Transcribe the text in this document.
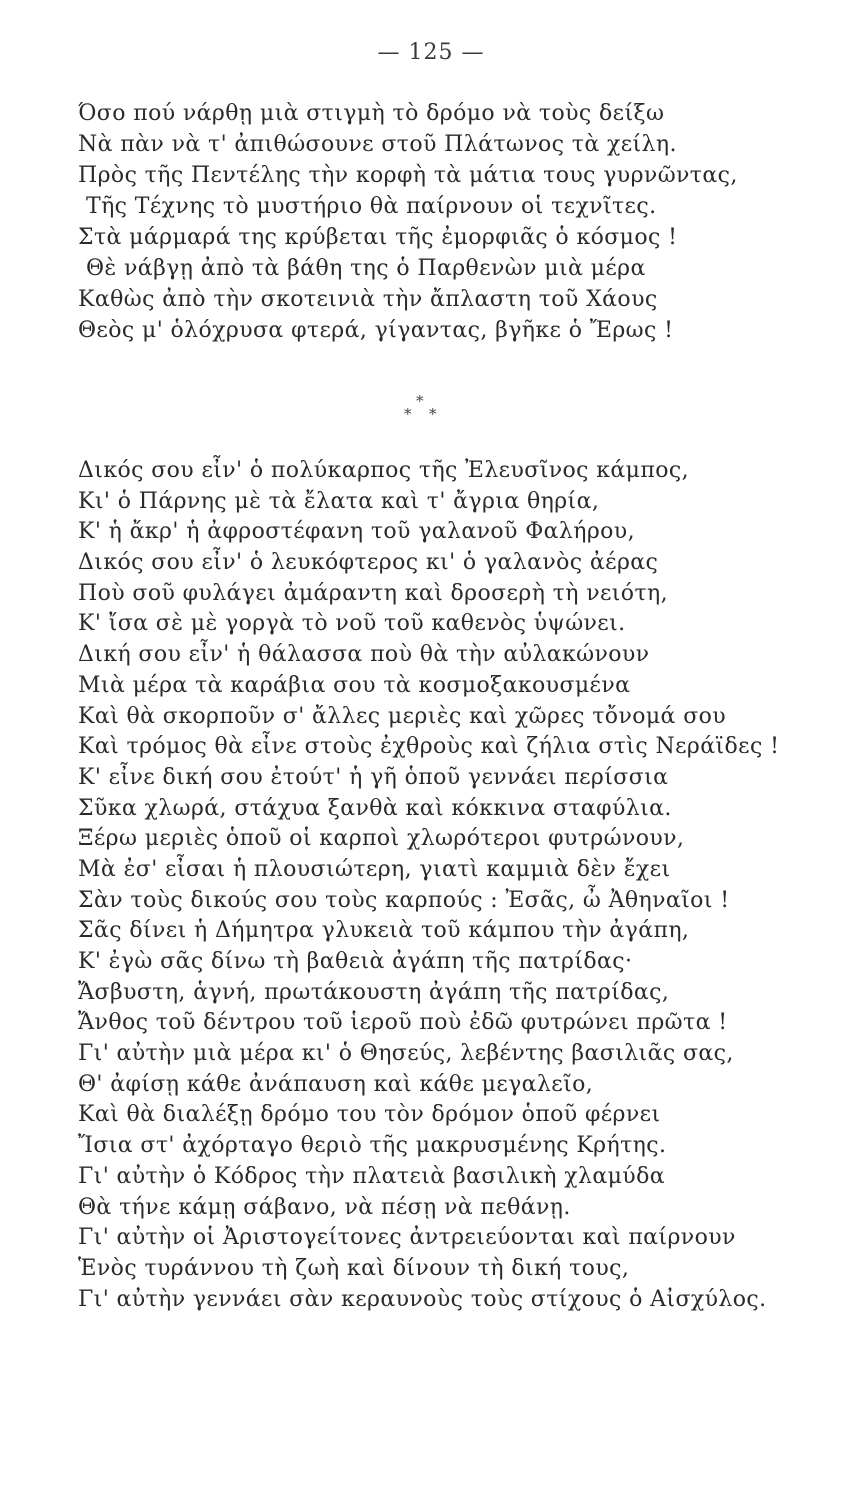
— 125 —
Όσο πού νάρθῃ μιὰ στιγμὴ τὸ δρόμο νὰ τοὺς δείξω
Νὰ πὰν νὰ τ' ἀπιθώσουνε στοῦ Πλάτωνος τὰ χείλη.
Πρὸς τῆς Πεντέλης τὴν κορφὴ τὰ μάτια τους γυρνῶντας,
Τῆς Τέχνης τὸ μυστήριο θὰ παίρνουν οἱ τεχνῖτες.
Στὰ μάρμαρά της κρύβεται τῆς ἐμορφιᾶς ὁ κόσμος !
Θὲ νάβγῃ ἀπὸ τὰ βάθη της ὁ Παρθενὼν μιὰ μέρα
Καθὼς ἀπὸ τὴν σκοτεινιὰ τὴν ἄπλαστη τοῦ Χάους
Θεὸς μ' ὁλόχρυσα φτερά, γίγαντας, βγῆκε ὁ Ἔρως !
*
* *
Δικός σου εἶν' ὁ πολύκαρπος τῆς Ἐλευσῖνος κάμπος,
Κι' ὁ Πάρνης μὲ τὰ ἔλατα καὶ τ' ἄγρια θηρία,
Κ' ἡ ἄκρ' ἡ ἀφροστέφανη τοῦ γαλανοῦ Φαλήρου,
Δικός σου εἶν' ὁ λευκόφτερος κι' ὁ γαλανὸς ἀέρας
Ποὺ σοῦ φυλάγει ἀμάραντη καὶ δροσερὴ τὴ νειότη,
Κ' ἴσα σὲ μὲ γοργὰ τὸ νοῦ τοῦ καθενὸς ὑψώνει.
Δική σου εἶν' ἡ θάλασσα ποὺ θὰ τὴν αὐλακώνουν
Μιὰ μέρα τὰ καράβια σου τὰ κοσμοξακουσμένα
Καὶ θὰ σκορποῦν σ' ἄλλες μεριὲς καὶ χῶρες τὄνομά σου
Καὶ τρόμος θὰ εἶνε στοὺς ἐχθροὺς καὶ ζήλια στὶς Νεράϊδες !
Κ' εἶνε δική σου ἐτούτ' ἡ γῆ ὁποῦ γεννάει περίσσια
Σῦκα χλωρά, στάχυα ξανθὰ καὶ κόκκινα σταφύλια.
Ξέρω μεριὲς ὁποῦ οἱ καρποὶ χλωρότεροι φυτρώνουν,
Μὰ ἐσ' εἶσαι ἡ πλουσιώτερη, γιατὶ καμμιὰ δὲν ἔχει
Σὰν τοὺς δικούς σου τοὺς καρπούς : Ἐσᾶς, ὦ Ἀθηναῖοι !
Σᾶς δίνει ἡ Δήμητρα γλυκειὰ τοῦ κάμπου τὴν ἀγάπη,
Κ' ἐγὼ σᾶς δίνω τὴ βαθειὰ ἀγάπη τῆς πατρίδας·
Ἄσβυστη, ἁγνή, πρωτάκουστη ἀγάπη τῆς πατρίδας,
Ἄνθος τοῦ δέντρου τοῦ ἱεροῦ ποὺ ἐδῶ φυτρώνει πρῶτα !
Γι' αὐτὴν μιὰ μέρα κι' ὁ Θησεύς, λεβέντης βασιλιᾶς σας,
Θ' ἀφίσῃ κάθε ἀνάπαυση καὶ κάθε μεγαλεῖο,
Καὶ θὰ διαλέξῃ δρόμο του τὸν δρόμον ὁποῦ φέρνει
Ἴσια στ' ἀχόρταγο θεριὸ τῆς μακρυσμένης Κρήτης.
Γι' αὐτὴν ὁ Κόδρος τὴν πλατειὰ βασιλικὴ χλαμύδα
Θὰ τήνε κάμῃ σάβανο, νὰ πέσῃ νὰ πεθάνῃ.
Γι' αὐτὴν οἱ Ἀριστογείτονες ἀντρειεύονται καὶ παίρνουν
Ἑνὸς τυράννου τὴ ζωὴ καὶ δίνουν τὴ δική τους,
Γι' αὐτὴν γεννάει σὰν κεραυνοὺς τοὺς στίχους ὁ Αἰσχύλος.
